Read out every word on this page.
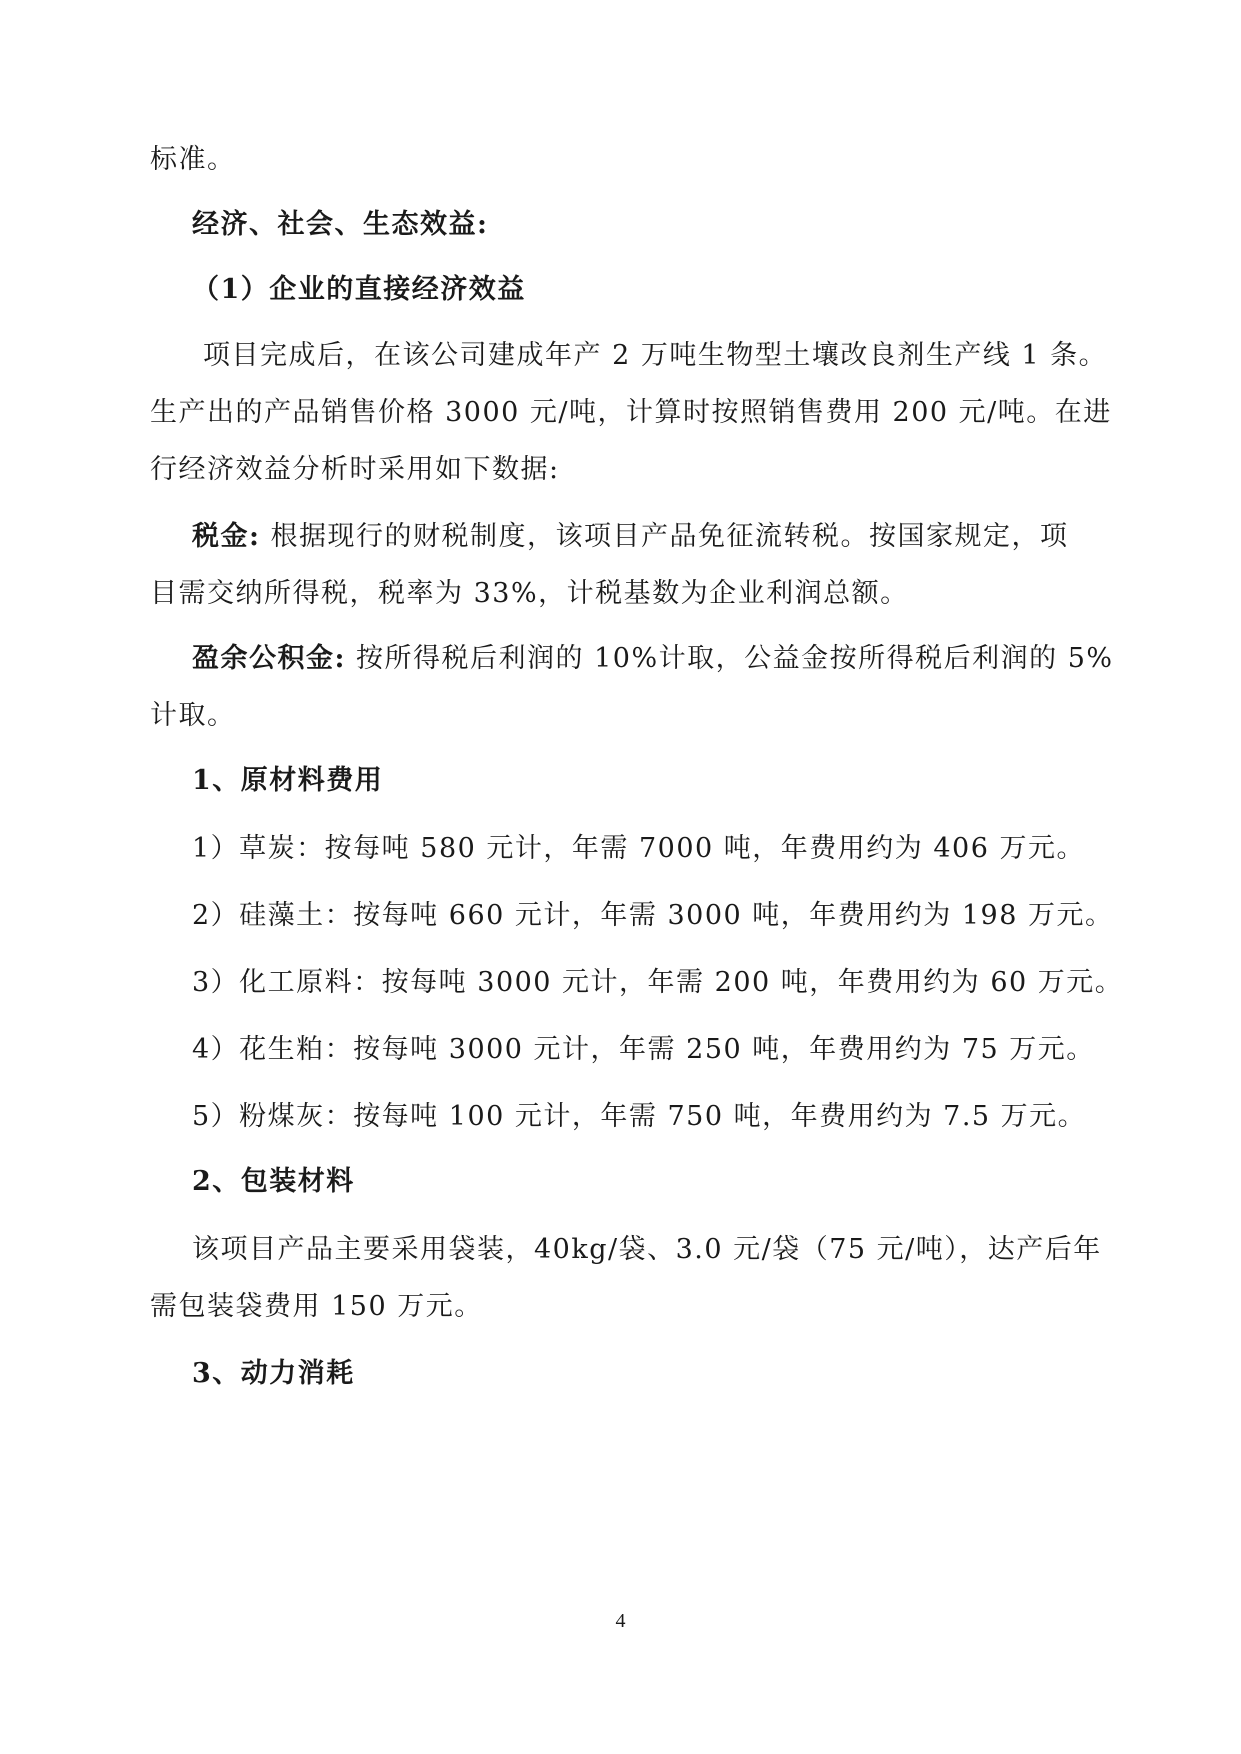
标准。
经济、社会、生态效益:
（1）企业的直接经济效益
项目完成后，在该公司建成年产 2 万吨生物型土壤改良剂生产线 1 条。
生产出的产品销售价格 3000 元/吨，计算时按照销售费用 200 元/吨。在进
行经济效益分析时采用如下数据:
税金: 根据现行的财税制度，该项目产品免征流转税。按国家规定，项
目需交纳所得税，税率为 33%，计税基数为企业利润总额。
盈余公积金: 按所得税后利润的 10%计取，公益金按所得税后利润的 5%
计取。
1、原材料费用
1）草炭：按每吨 580 元计，年需 7000 吨，年费用约为 406 万元。
2）硅藻土：按每吨 660 元计，年需 3000 吨，年费用约为 198 万元。
3）化工原料：按每吨 3000 元计，年需 200 吨，年费用约为 60 万元。
4）花生粕：按每吨 3000 元计，年需 250 吨，年费用约为 75 万元。
5）粉煤灰：按每吨 100 元计，年需 750 吨，年费用约为 7.5 万元。
2、包装材料
该项目产品主要采用袋装，40kg/袋、3.0 元/袋（75 元/吨），达产后年
需包装袋费用 150 万元。
3、动力消耗
4
